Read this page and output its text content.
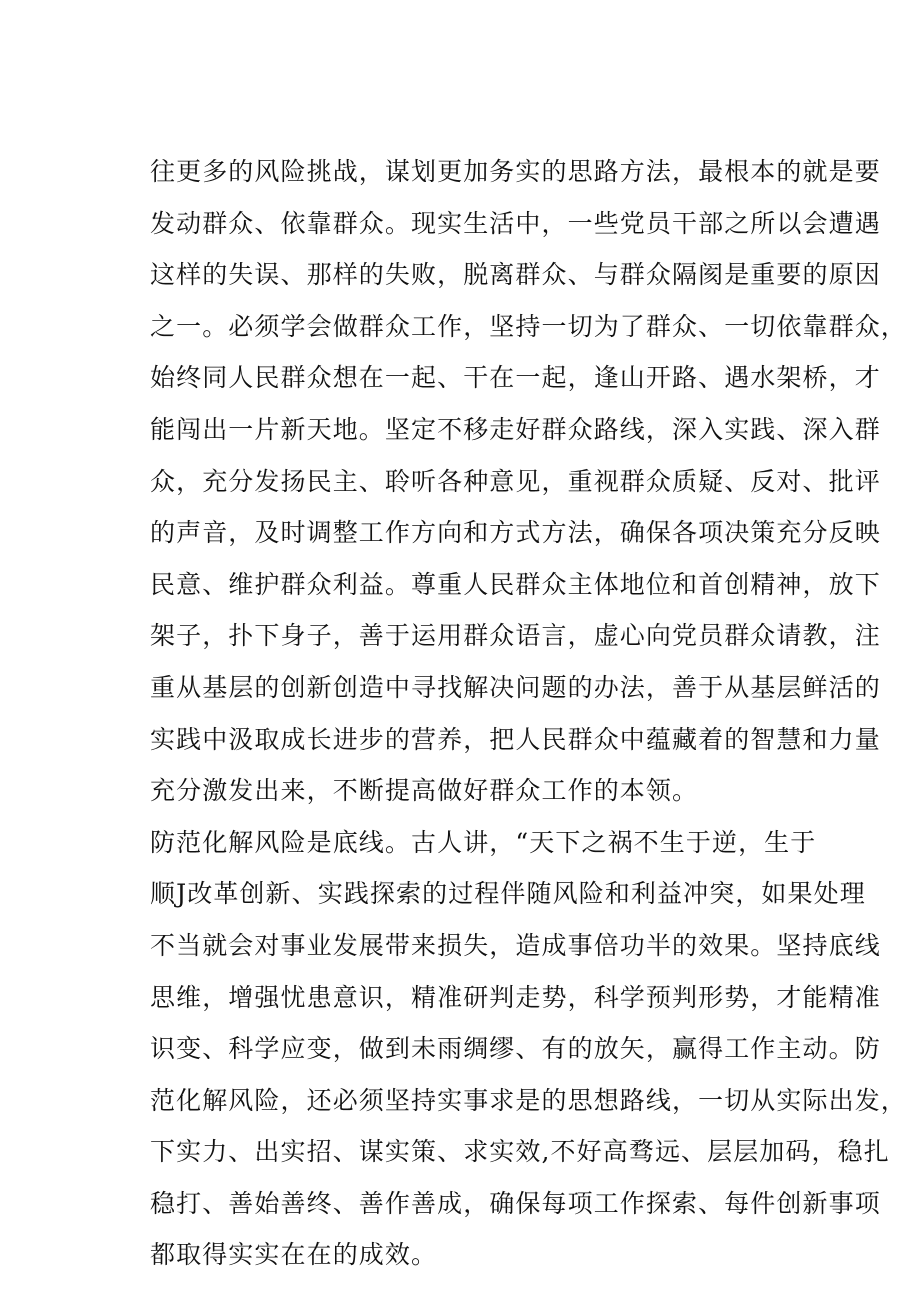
往更多的风险挑战，谋划更加务实的思路方法，最根本的就是要
发动群众、依靠群众。现实生活中，一些党员干部之所以会遭遇
这样的失误、那样的失败，脱离群众、与群众隔阂是重要的原因
之一。必须学会做群众工作，坚持一切为了群众、一切依靠群众，
始终同人民群众想在一起、干在一起，逢山开路、遇水架桥，才
能闯出一片新天地。坚定不移走好群众路线，深入实践、深入群
众，充分发扬民主、聆听各种意见，重视群众质疑、反对、批评
的声音，及时调整工作方向和方式方法，确保各项决策充分反映
民意、维护群众利益。尊重人民群众主体地位和首创精神，放下
架子，扑下身子，善于运用群众语言，虚心向党员群众请教，注
重从基层的创新创造中寻找解决问题的办法，善于从基层鲜活的
实践中汲取成长进步的营养，把人民群众中蕴藏着的智慧和力量
充分激发出来，不断提高做好群众工作的本领。
防范化解风险是底线。古人讲，“天下之祸不生于逆，生于
顺J改革创新、实践探索的过程伴随风险和利益冲突，如果处理
不当就会对事业发展带来损失，造成事倍功半的效果。坚持底线
思维，增强忧患意识，精准研判走势，科学预判形势，才能精准
识变、科学应变，做到未雨绸缪、有的放矢，赢得工作主动。防
范化解风险，还必须坚持实事求是的思想路线，一切从实际出发，
下实力、出实招、谋实策、求实效,不好高骛远、层层加码，稳扎
稳打、善始善终、善作善成，确保每项工作探索、每件创新事项
都取得实实在在的成效。
